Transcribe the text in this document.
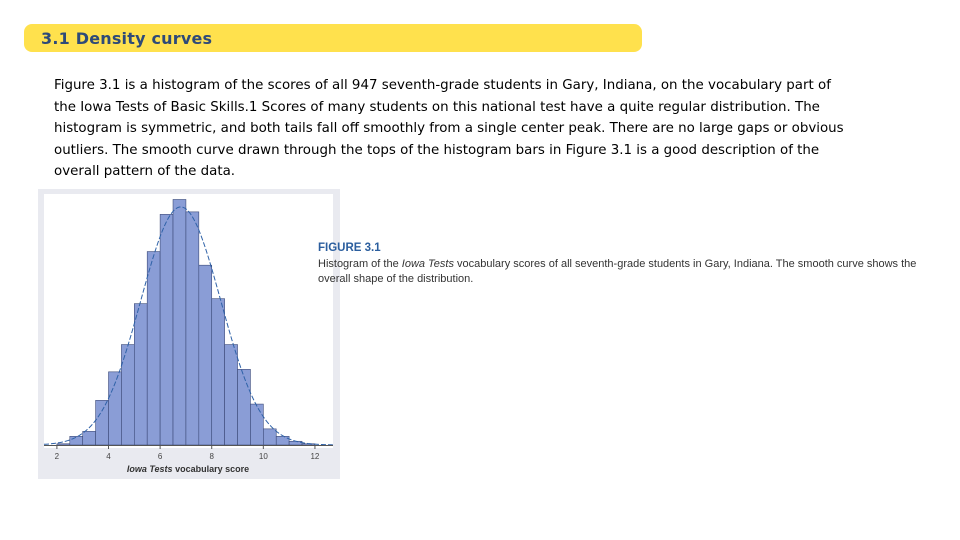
3.1 Density curves

Figure 3.1 is a histogram of the scores of all 947 seventh-grade students in Gary, Indiana, on the vocabulary part of the Iowa Tests of Basic Skills.1 Scores of many students on this national test have a quite regular distribution. The histogram is symmetric, and both tails fall off smoothly from a single center peak. There are no large gaps or obvious outliers. The smooth curve drawn through the tops of the histogram bars in Figure 3.1 is a good description of the overall pattern of the data.

2	4	6	8	10	12
Iowa Tests vocabulary score
FIGURE 3.1
Histogram of the Iowa Tests vocabulary scores of all seventh-grade students in Gary, Indiana. The smooth curve shows the overall shape of the distribution.
